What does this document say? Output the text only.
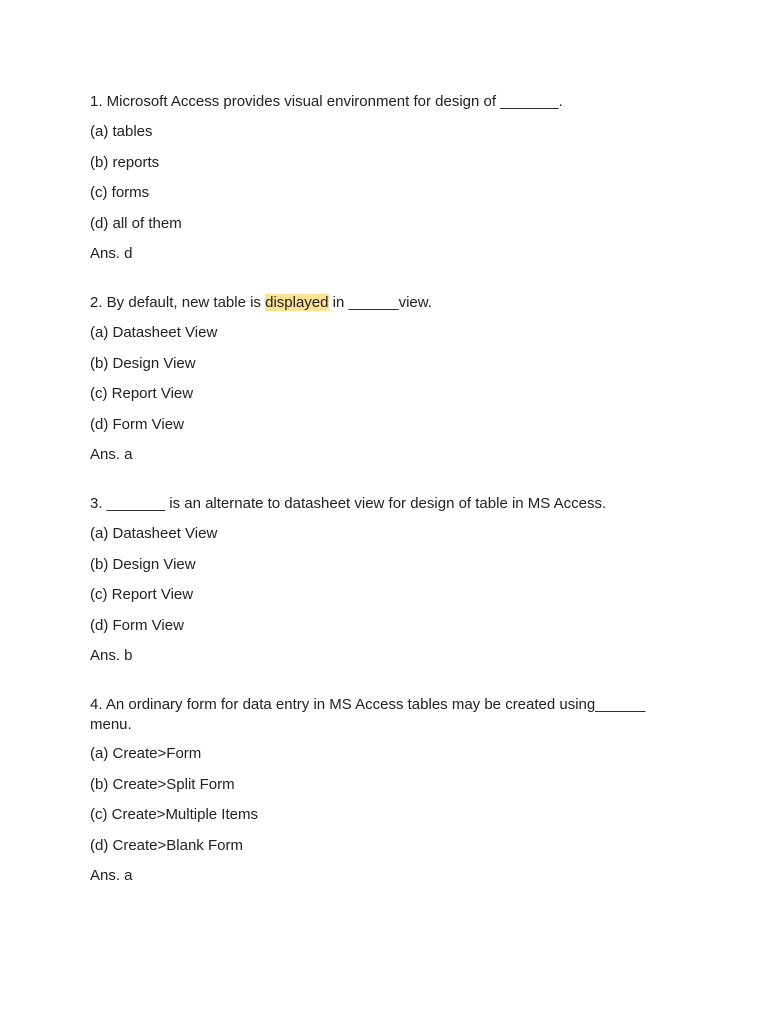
1. Microsoft Access provides visual environment for design of _______.
(a) tables
(b) reports
(c) forms
(d) all of them
Ans. d
2. By default, new table is displayed in ______view.
(a) Datasheet View
(b) Design View
(c) Report View
(d) Form View
Ans. a
3. _______ is an alternate to datasheet view for design of table in MS Access.
(a) Datasheet View
(b) Design View
(c) Report View
(d) Form View
Ans. b
4. An ordinary form for data entry in MS Access tables may be created using______ menu.
(a) Create>Form
(b) Create>Split Form
(c) Create>Multiple Items
(d) Create>Blank Form
Ans. a
